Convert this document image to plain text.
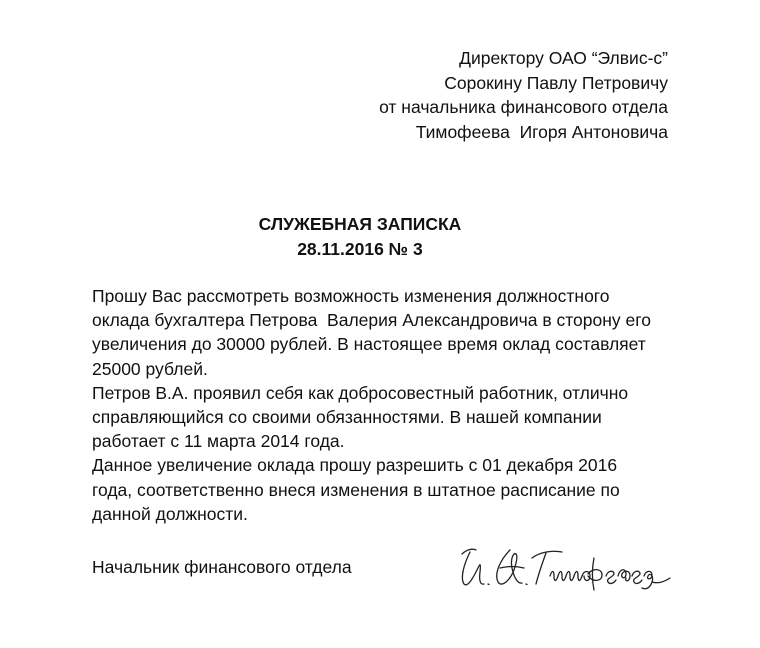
Директору ОАО “Элвис-с”
Сорокину Павлу Петровичу
от начальника финансового отдела
Тимофеева  Игоря Антоновича
СЛУЖЕБНАЯ ЗАПИСКА
28.11.2016 № 3
Прошу Вас рассмотреть возможность изменения должностного
оклада бухгалтера Петрова  Валерия Александровича в сторону его
увеличения до 30000 рублей. В настоящее время оклад составляет
25000 рублей.
Петров В.А. проявил себя как добросовестный работник, отлично
справляющийся со своими обязанностями. В нашей компании
работает с 11 марта 2014 года.
Данное увеличение оклада прошу разрешить с 01 декабря 2016
года, соответственно внеся изменения в штатное расписание по
данной должности.
Начальник финансового отдела
